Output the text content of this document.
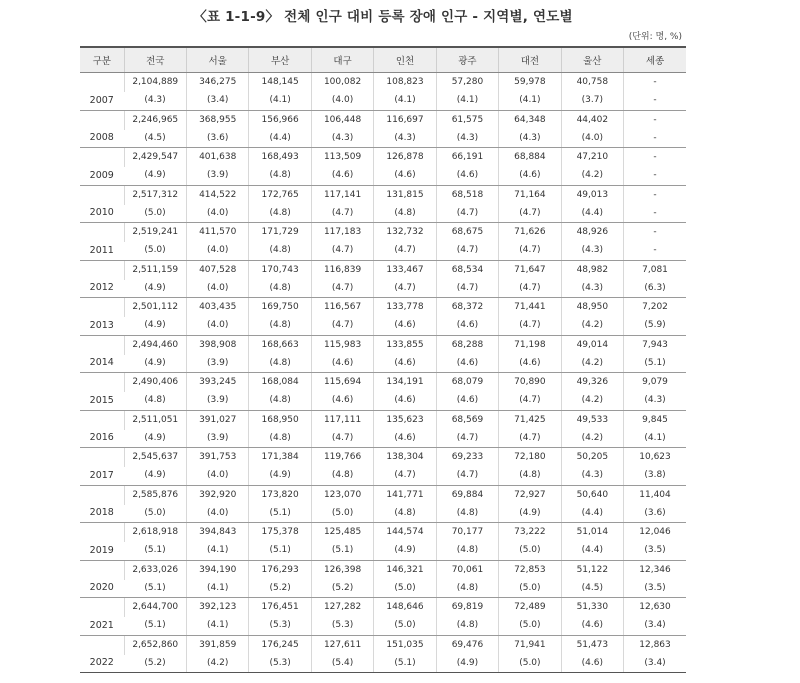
〈표 1-1-9〉 전체 인구 대비 등록 장애 인구 - 지역별, 연도별
(단위: 명, %)
구분	전국	서울	부산	대구	인천	광주	대전	울산	세종
2007	2,104,889	346,275	148,145	100,082	108,823	57,280	59,978	40,758	-
	(4.3)	(3.4)	(4.1)	(4.0)	(4.1)	(4.1)	(4.1)	(3.7)	-
2008	2,246,965	368,955	156,966	106,448	116,697	61,575	64,348	44,402	-
	(4.5)	(3.6)	(4.4)	(4.3)	(4.3)	(4.3)	(4.3)	(4.0)	-
2009	2,429,547	401,638	168,493	113,509	126,878	66,191	68,884	47,210	-
	(4.9)	(3.9)	(4.8)	(4.6)	(4.6)	(4.6)	(4.6)	(4.2)	-
2010	2,517,312	414,522	172,765	117,141	131,815	68,518	71,164	49,013	-
	(5.0)	(4.0)	(4.8)	(4.7)	(4.8)	(4.7)	(4.7)	(4.4)	-
2011	2,519,241	411,570	171,729	117,183	132,732	68,675	71,626	48,926	-
	(5.0)	(4.0)	(4.8)	(4.7)	(4.7)	(4.7)	(4.7)	(4.3)	-
2012	2,511,159	407,528	170,743	116,839	133,467	68,534	71,647	48,982	7,081
	(4.9)	(4.0)	(4.8)	(4.7)	(4.7)	(4.7)	(4.7)	(4.3)	(6.3)
2013	2,501,112	403,435	169,750	116,567	133,778	68,372	71,441	48,950	7,202
	(4.9)	(4.0)	(4.8)	(4.7)	(4.6)	(4.6)	(4.7)	(4.2)	(5.9)
2014	2,494,460	398,908	168,663	115,983	133,855	68,288	71,198	49,014	7,943
	(4.9)	(3.9)	(4.8)	(4.6)	(4.6)	(4.6)	(4.6)	(4.2)	(5.1)
2015	2,490,406	393,245	168,084	115,694	134,191	68,079	70,890	49,326	9,079
	(4.8)	(3.9)	(4.8)	(4.6)	(4.6)	(4.6)	(4.7)	(4.2)	(4.3)
2016	2,511,051	391,027	168,950	117,111	135,623	68,569	71,425	49,533	9,845
	(4.9)	(3.9)	(4.8)	(4.7)	(4.6)	(4.7)	(4.7)	(4.2)	(4.1)
2017	2,545,637	391,753	171,384	119,766	138,304	69,233	72,180	50,205	10,623
	(4.9)	(4.0)	(4.9)	(4.8)	(4.7)	(4.7)	(4.8)	(4.3)	(3.8)
2018	2,585,876	392,920	173,820	123,070	141,771	69,884	72,927	50,640	11,404
	(5.0)	(4.0)	(5.1)	(5.0)	(4.8)	(4.8)	(4.9)	(4.4)	(3.6)
2019	2,618,918	394,843	175,378	125,485	144,574	70,177	73,222	51,014	12,046
	(5.1)	(4.1)	(5.1)	(5.1)	(4.9)	(4.8)	(5.0)	(4.4)	(3.5)
2020	2,633,026	394,190	176,293	126,398	146,321	70,061	72,853	51,122	12,346
	(5.1)	(4.1)	(5.2)	(5.2)	(5.0)	(4.8)	(5.0)	(4.5)	(3.5)
2021	2,644,700	392,123	176,451	127,282	148,646	69,819	72,489	51,330	12,630
	(5.1)	(4.1)	(5.3)	(5.3)	(5.0)	(4.8)	(5.0)	(4.6)	(3.4)
2022	2,652,860	391,859	176,245	127,611	151,035	69,476	71,941	51,473	12,863
	(5.2)	(4.2)	(5.3)	(5.4)	(5.1)	(4.9)	(5.0)	(4.6)	(3.4)
